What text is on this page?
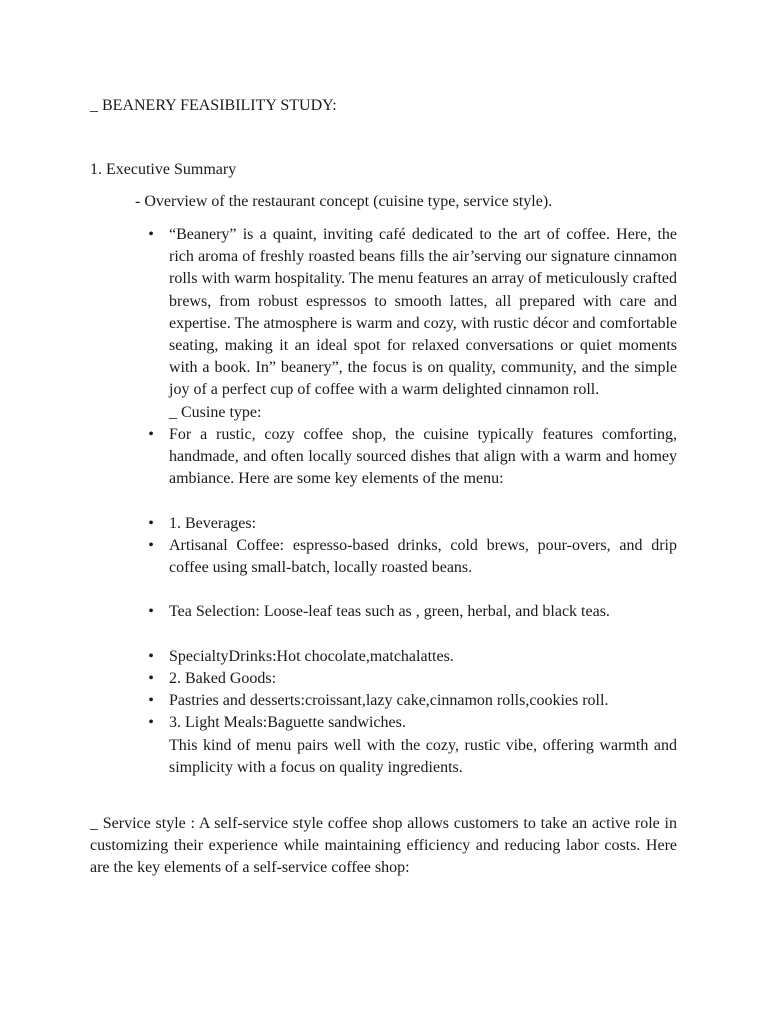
_ BEANERY FEASIBILITY STUDY:
1. Executive Summary
- Overview of the restaurant concept (cuisine type, service style).
• “Beanery” is a quaint, inviting café dedicated to the art of coffee. Here, the rich aroma of freshly roasted beans fills the air’serving our signature cinnamon rolls with warm hospitality. The menu features an array of meticulously crafted brews, from robust espressos to smooth lattes, all prepared with care and expertise. The atmosphere is warm and cozy, with rustic décor and comfortable seating, making it an ideal spot for relaxed conversations or quiet moments with a book. In” beanery”, the focus is on quality, community, and the simple joy of a perfect cup of coffee with a warm delighted cinnamon roll.

_ Cusine type:
• For a rustic, cozy coffee shop, the cuisine typically features comforting, handmade, and often locally sourced dishes that align with a warm and homey ambiance. Here are some key elements of the menu:

• 1. Beverages:

• Artisanal Coffee: espresso-based drinks, cold brews, pour-overs, and drip coffee using small-batch, locally roasted beans.

• Tea Selection: Loose-leaf teas such as , green, herbal, and black teas.

• SpecialtyDrinks:Hot chocolate,matchalattes.

• 2. Baked Goods:

• Pastries and desserts:croissant,lazy cake,cinnamon rolls,cookies roll.

• 3. Light Meals:Baguette sandwiches.

This kind of menu pairs well with the cozy, rustic vibe, offering warmth and simplicity with a focus on quality ingredients.

_ Service style : A self-service style coffee shop allows customers to take an active role in customizing their experience while maintaining efficiency and reducing labor costs. Here are the key elements of a self-service coffee shop:
